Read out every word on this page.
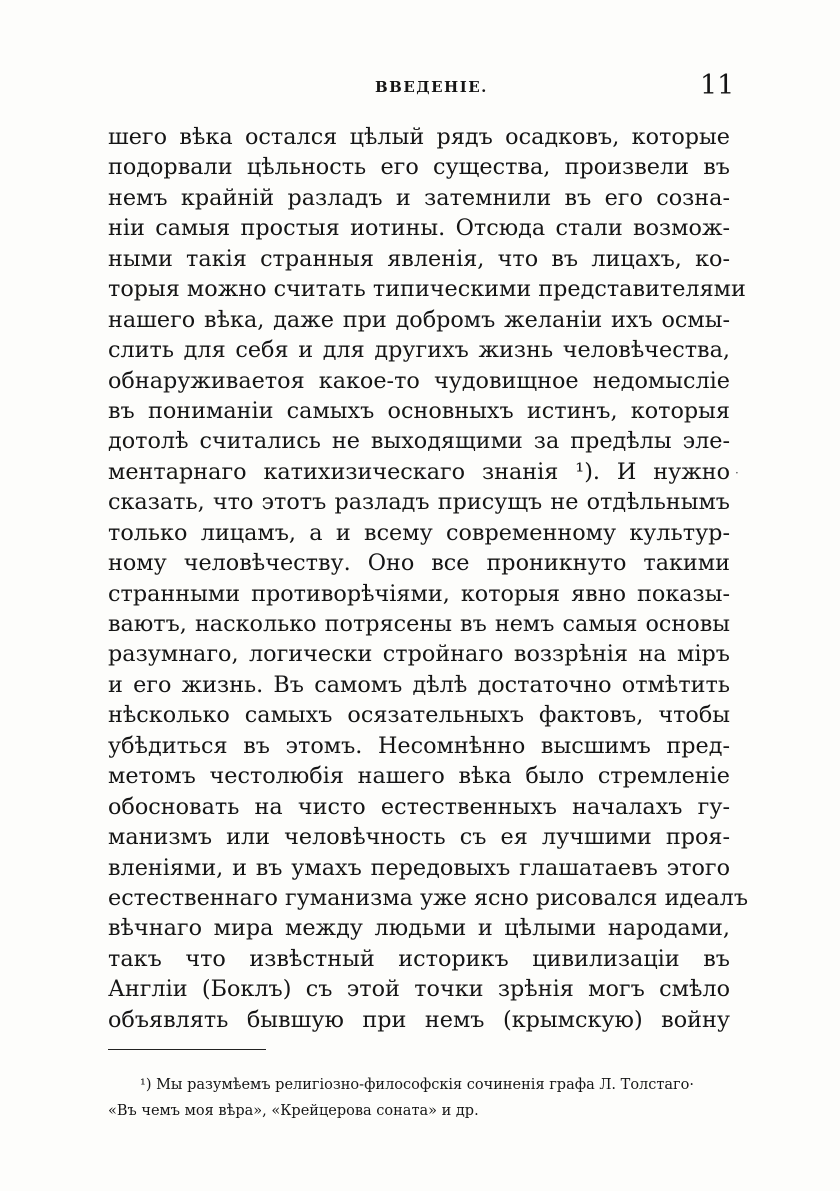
ВВЕДЕНІЕ.	11
шего вѣка остался цѣлый рядъ осадковъ, которые
подорвали цѣльность его существа, произвели въ
немъ крайній разладъ и затемнили въ его созна-
ніи самыя простыя иотины. Отсюда стали возмож-
ными такія странныя явленія, что въ лицахъ, ко-
торыя можно считать типическими представителями
нашего вѣка, даже при добромъ желаніи ихъ осмы-
слить для себя и для другихъ жизнь человѣчества,
обнаруживаетоя какое-то чудовищное недомысліе
въ пониманіи самыхъ основныхъ истинъ, которыя
дотолѣ считались не выходящими за предѣлы эле-
ментарнаго катихизическаго знанія ¹). И нужно
сказать, что этотъ разладъ присущъ не отдѣльнымъ
только лицамъ, а и всему современному культур-
ному человѣчеству. Оно все проникнуто такими
странными противорѣчіями, которыя явно показы-
ваютъ, насколько потрясены въ немъ самыя основы
разумнаго, логически стройнаго воззрѣнія на міръ
и его жизнь. Въ самомъ дѣлѣ достаточно отмѣтить
нѣсколько самыхъ осязательныхъ фактовъ, чтобы
убѣдиться въ этомъ. Несомнѣнно высшимъ пред-
метомъ честолюбія нашего вѣка было стремленіе
обосновать на чисто естественныхъ началахъ гу-
манизмъ или человѣчность съ ея лучшими проя-
вленіями, и въ умахъ передовыхъ глашатаевъ этого
естественнаго гуманизма уже ясно рисовался идеалъ
вѣчнаго мира между людьми и цѣлыми народами,
такъ что извѣстный историкъ цивилизаціи въ
Англіи (Боклъ) съ этой точки зрѣнія могъ смѣло
объявлять бывшую при немъ (крымскую) войну
·
¹) Мы разумѣемъ религіозно-философскія сочиненія графа Л. Толстаго·
«Въ чемъ моя вѣра», «Крейцерова соната» и др.
